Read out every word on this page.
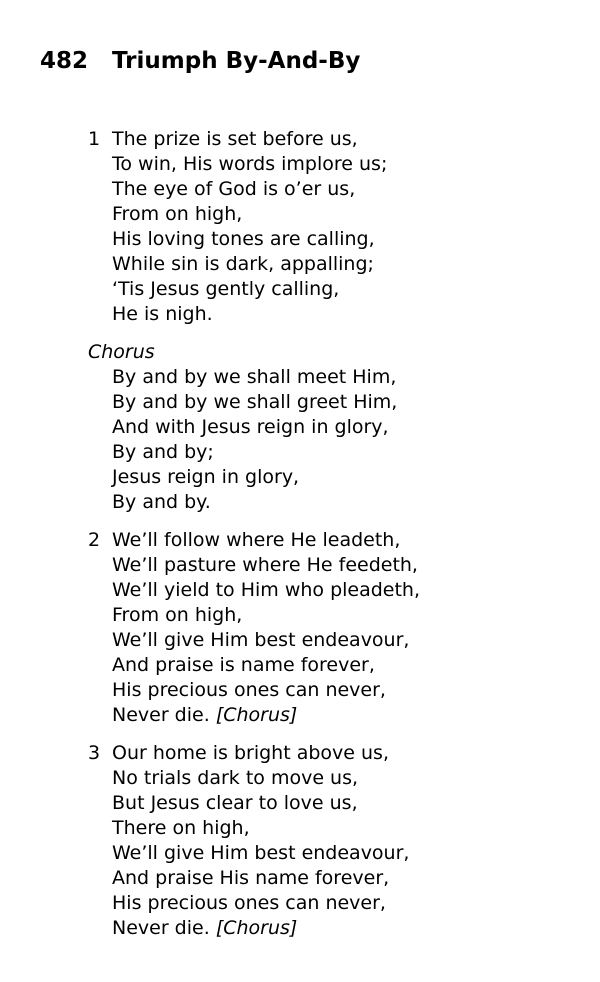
482 Triumph By-And-By
1 The prize is set before us,
To win, His words implore us;
The eye of God is o’er us,
From on high,
His loving tones are calling,
While sin is dark, appalling;
‘Tis Jesus gently calling,
He is nigh.
Chorus
By and by we shall meet Him,
By and by we shall greet Him,
And with Jesus reign in glory,
By and by;
Jesus reign in glory,
By and by.
2 We’ll follow where He leadeth,
We’ll pasture where He feedeth,
We’ll yield to Him who pleadeth,
From on high,
We’ll give Him best endeavour,
And praise is name forever,
His precious ones can never,
Never die. [Chorus]
3 Our home is bright above us,
No trials dark to move us,
But Jesus clear to love us,
There on high,
We’ll give Him best endeavour,
And praise His name forever,
His precious ones can never,
Never die. [Chorus]
